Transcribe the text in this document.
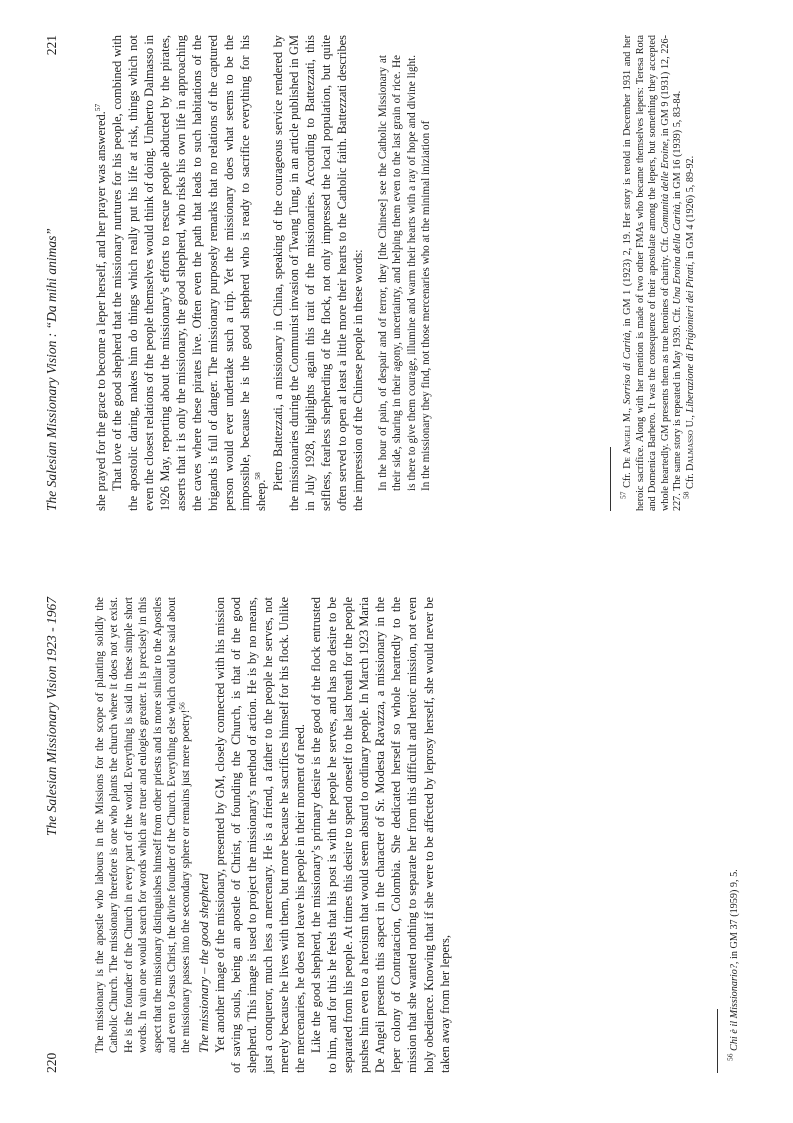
220
The Salesian Missionary Vision 1923 - 1967	The missionary is the apostle who labours in the Missions for the scope of planting solidly the Catholic Church. The missionary therefore is one who plants the church where it does not yet exist. He is the founder of the Church in every part of the world. Everything is said in these simple short words. In vain one would search for words which are truer and eulogies greater. It is precisely in this aspect that the missionary distinguishes himself from other priests and is more similar to the Apostles and even to Jesus Christ, the divine founder of the Church. Everything else which could be said about the missionary passes into the secondary sphere or remains just mere poetry!$^{56}$

The missionary – the good shepherd Yet another image of the missionary, presented by GM, closely connected with his mission of saving souls, being an apostle of Christ, of founding the Church, is that of the good shepherd. This image is used to project the missionary’s method of action. He is by no means, just a conqueror, much less a mercenary. He is a friend, a father to the people he serves, not merely because he lives with them, but more because he sacrifices himself for his flock. Unlike the mercenaries, he does not leave his people in their moment of need. Like the good shepherd, the missionary’s primary desire is the good of the flock entrusted to him, and for this he feels that his post is with the people he serves, and has no desire to be separated from his people. At times this desire to spend oneself to the last breath for the people pushes him even to a heroism that would seem absurd to ordinary people. In March 1923 Maria De Angeli presents this aspect in the character of Sr. Modesta Ravazza, a missionary in the leper colony of Contratacion, Colombia. She dedicated herself so whole heartedly to the mission that she wanted nothing to separate her from this difficult and heroic mission, not even holy obedience. Knowing that if she were to be affected by leprosy herself, she would never be taken away from her lepers,	$^{56}$ Chi è il Missionario?, in GM 37 (1959) 9, 5.

The Salesian Missionary Vision : “Da mihi animas”
221

she prayed for the grace to become a leper herself, and her prayer was answered.$^{57}$ That love of the good shepherd that the missionary nurtures for his people, combined with the apostolic daring, makes him do things which really put his life at risk, things which not even the closest relations of the people themselves would think of doing. Umberto Dalmasso in 1926 May, reporting about the missionary’s efforts to rescue people abducted by the pirates, asserts that it is only the missionary, the good shepherd, who risks his own life in approaching the caves where these pirates live. Often even the path that leads to such habitations of the brigands is full of danger. The missionary purposely remarks that no relations of the captured person would ever undertake such a trip. Yet the missionary does what seems to be the impossible, because he is the good shepherd who is ready to sacrifice everything for his sheep.$^{58}$ Pietro Battezzati, a missionary in China, speaking of the courageous service rendered by the missionaries during the Communist invasion of Twang Tung, in an article published in GM in July 1928, highlights again this trait of the missionaries. According to Battezzati, this selfless, fearless shepherding of the flock, not only impressed the local population, but quite often served to open at least a little more their hearts to the Catholic faith. Battezzati describes the impression of the Chinese people in these words: In the hour of pain, of despair and of terror, they [the Chinese] see the Catholic Missionary at their side, sharing in their agony, uncertainty, and helping them even to the last grain of rice. He is there to give them courage, illumine and warm their hearts with a ray of hope and divine light. In the missionary they find, not those mercenaries who at the minimal iniziation of

$^{57}$ Cfr. De Angeli M., Sorriso di Carità, in GM 1 (1923) 2, 19. Her story is retold in December 1931 and her heroic sacrifice. Along with her mention is made of two other FMAs who became themselves lepers: Teresa Rota and Domenica Barbero. It was the consequence of their apostolate among the lepers, but something they accepted whole heartedly. GM presents them as true heroines of charity. Cfr. Comunità delle Eroine, in GM 9 (1931) 12, 226-227. The same story is repeated in May 1939. Cfr. Una Eroina della Carità, in GM 16 (1939) 5, 83-84.

$^{58}$ Cfr. Dalmasso U., Liberazione di Prigionieri dei Pirati, in GM 4 (1926) 5, 89-92.
